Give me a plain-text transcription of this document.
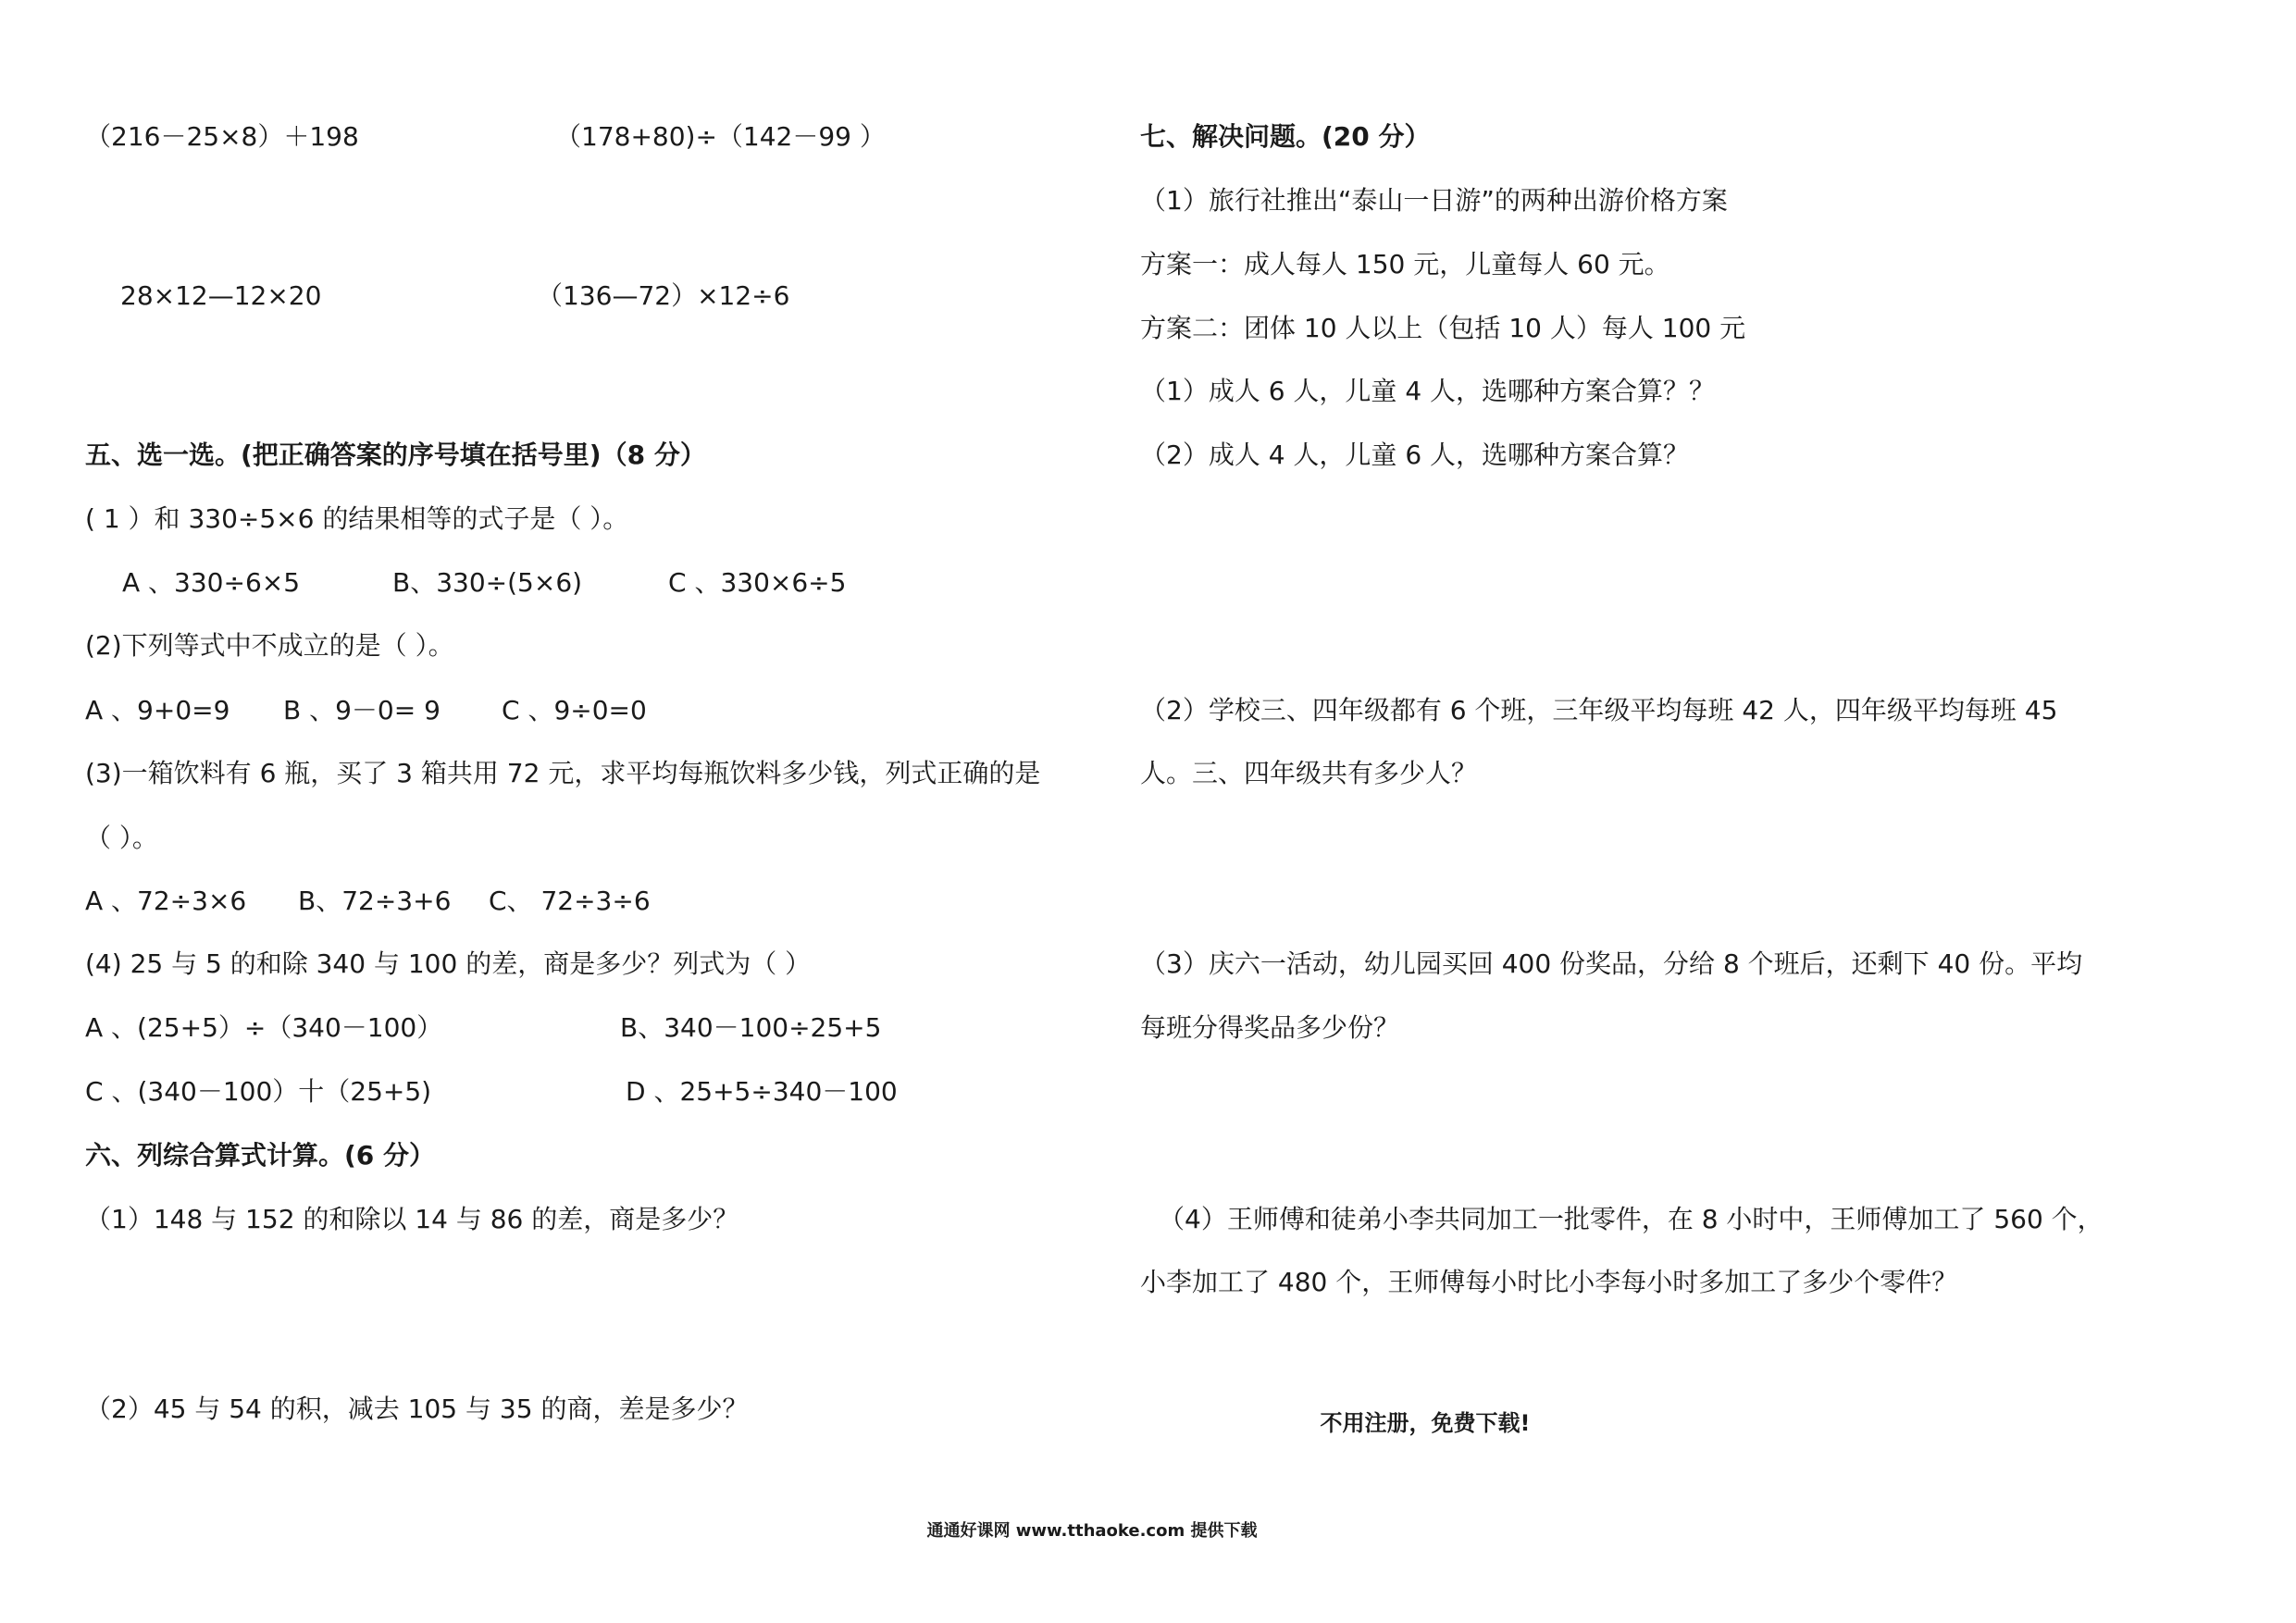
（216－25×8）＋198	（178+80)÷（142－99 ）
28×12—12×20	（136—72）×12÷6
五、选一选。(把正确答案的序号填在括号里)（8 分）
( 1 ）和 330÷5×6 的结果相等的式子是（ ）。
A 、330÷6×5	B、330÷(5×6)	C 、330×6÷5
(2)下列等式中不成立的是（ ）。
A 、9+0=9 B 、9－0= 9 C 、9÷0=0
(3)一箱饮料有 6 瓶，买了 3 箱共用 72 元，求平均每瓶饮料多少钱，列式正确的是
（ ）。
A 、72÷3×6 B、72÷3+6 C、 72÷3÷6
(4) 25 与 5 的和除 340 与 100 的差，商是多少？列式为（ ）
A 、(25+5）÷（340－100）	B、340－100÷25+5
C 、(340－100）十（25+5)	D 、25+5÷340－100
六、列综合算式计算。(6 分）
（1）148 与 152 的和除以 14 与 86 的差，商是多少？
（2）45 与 54 的积，减去 105 与 35 的商，差是多少？
七、解决问题。(20 分）
（1）旅行社推出“泰山一日游”的两种出游价格方案
方案一：成人每人 150 元，儿童每人 60 元。
方案二：团体 10 人以上（包括 10 人）每人 100 元
（1）成人 6 人，儿童 4 人，选哪种方案合算？？
（2）成人 4 人，儿童 6 人，选哪种方案合算？
（2）学校三、四年级都有 6 个班，三年级平均每班 42 人，四年级平均每班 45
人。三、四年级共有多少人？
（3）庆六一活动，幼儿园买回 400 份奖品，分给 8 个班后，还剩下 40 份。平均
每班分得奖品多少份？
（4）王师傅和徒弟小李共同加工一批零件，在 8 小时中，王师傅加工了 560 个，
小李加工了 480 个，王师傅每小时比小李每小时多加工了多少个零件？
不用注册，免费下载!
通通好课网 www.tthaoke.com 提供下载
